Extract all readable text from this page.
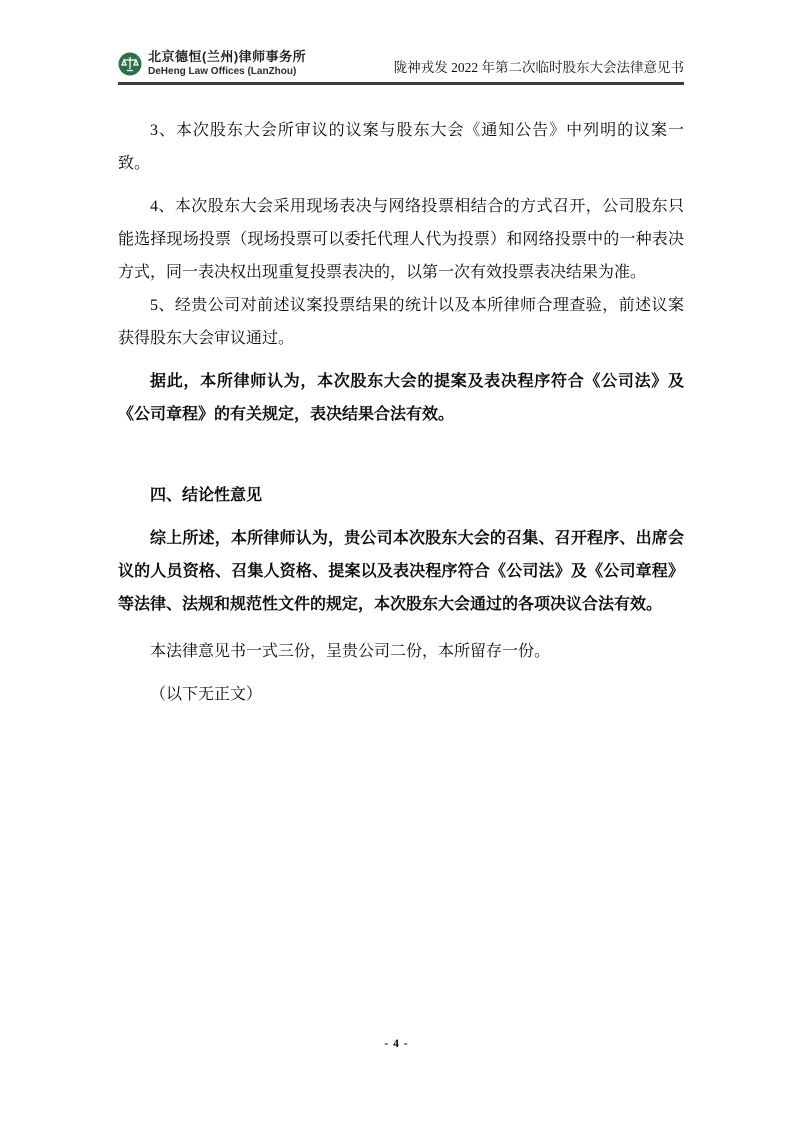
北京德恒(兰州)律师事务所
DeHeng Law Offices (LanZhou)	陇神戎发 2022 年第二次临时股东大会法律意见书

3、本次股东大会所审议的议案与股东大会《通知公告》中列明的议案一致。

4、本次股东大会采用现场表决与网络投票相结合的方式召开，公司股东只能选择现场投票（现场投票可以委托代理人代为投票）和网络投票中的一种表决方式，同一表决权出现重复投票表决的，以第一次有效投票表决结果为准。

5、经贵公司对前述议案投票结果的统计以及本所律师合理查验，前述议案获得股东大会审议通过。

据此，本所律师认为，本次股东大会的提案及表决程序符合《公司法》及《公司章程》的有关规定，表决结果合法有效。

四、结论性意见

综上所述，本所律师认为，贵公司本次股东大会的召集、召开程序、出席会议的人员资格、召集人资格、提案以及表决程序符合《公司法》及《公司章程》等法律、法规和规范性文件的规定，本次股东大会通过的各项决议合法有效。

本法律意见书一式三份，呈贵公司二份，本所留存一份。

（以下无正文）

- 4 -
